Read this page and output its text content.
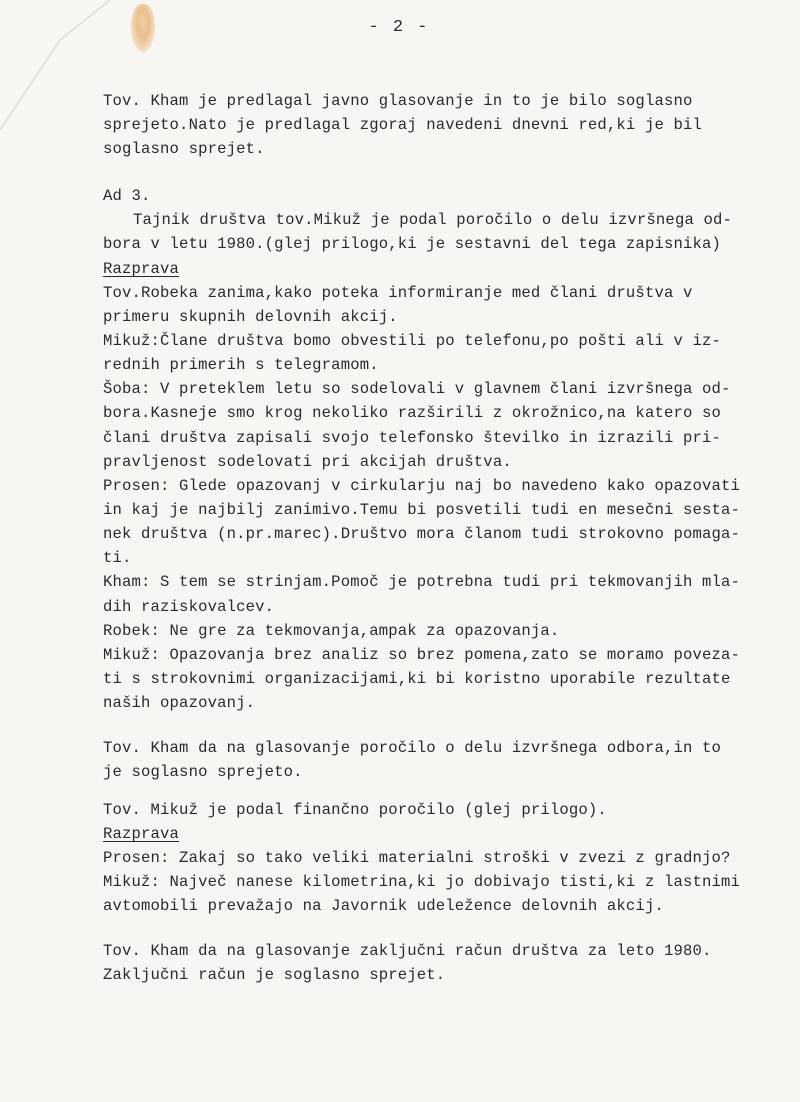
- 2 -
Tov. Kham je predlagal javno glasovanje in to je bilo soglasno
sprejeto.Nato je predlagal zgoraj navedeni dnevni red,ki je bil
soglasno sprejet.
Ad 3.
Tajnik društva tov.Mikuž je podal poročilo o delu izvršnega od-
bora v letu 1980.(glej prilogo,ki je sestavni del tega zapisnika)
Razprava
Tov.Robeka zanima,kako poteka informiranje med člani društva v
primeru skupnih delovnih akcij.
Mikuž:Člane društva bomo obvestili po telefonu,po pošti ali v iz-
rednih primerih s telegramom.
Šoba: V preteklem letu so sodelovali v glavnem člani izvršnega od-
bora.Kasneje smo krog nekoliko razširili z okrožnico,na katero so
člani društva zapisali svojo telefonsko številko in izrazili pri-
pravljenost sodelovati pri akcijah društva.
Prosen: Glede opazovanj v cirkularju naj bo navedeno kako opazovati
in kaj je najbilj zanimivo.Temu bi posvetili tudi en mesečni sesta-
nek društva (n.pr.marec).Društvo mora članom tudi strokovno pomaga-
ti.
Kham: S tem se strinjam.Pomoč je potrebna tudi pri tekmovanjih mla-
dih raziskovalcev.
Robek: Ne gre za tekmovanja,ampak za opazovanja.
Mikuž: Opazovanja brez analiz so brez pomena,zato se moramo poveza-
ti s strokovnimi organizacijami,ki bi koristno uporabile rezultate
naših opazovanj.
Tov. Kham da na glasovanje poročilo o delu izvršnega odbora,in to
je soglasno sprejeto.
Tov. Mikuž je podal finančno poročilo (glej prilogo).
Razprava
Prosen: Zakaj so tako veliki materialni stroški v zvezi z gradnjo?
Mikuž: Največ nanese kilometrina,ki jo dobivajo tisti,ki z lastnimi
avtomobili prevažajo na Javornik udeležence delovnih akcij.
Tov. Kham da na glasovanje zaključni račun društva za leto 1980.
Zaključni račun je soglasno sprejet.
